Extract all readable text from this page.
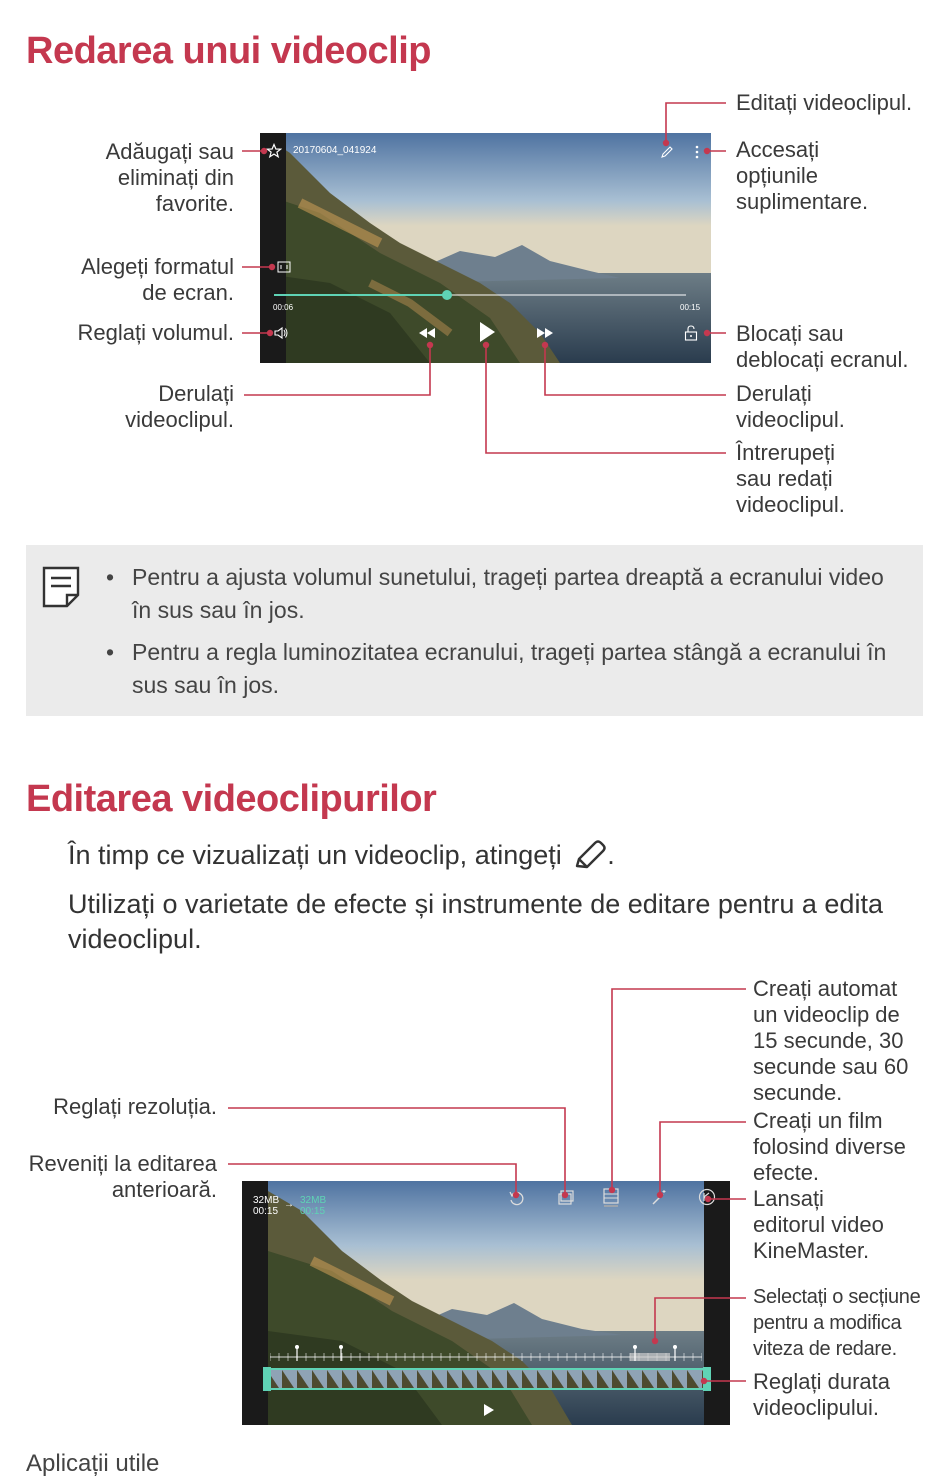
Redarea unui videoclip
20170604_041924
00:06	00:15
Editați videoclipul.
Accesați
opțiunile
suplimentare.
Adăugați sau
eliminați din
favorite.
Alegeți formatul
de ecran.
Reglați volumul.	Blocați sau
deblocați ecranul.
Derulați
videoclipul.
Derulați
videoclipul.
Întrerupeți
sau redați
videoclipul.
• Pentru a ajusta volumul sunetului, trageți partea dreaptă a ecranului video în sus sau în jos.
• Pentru a regla luminozitatea ecranului, trageți partea stângă a ecranului în sus sau în jos.
Editarea videoclipurilor
În timp ce vizualizați un videoclip, atingeți .
Utilizați o varietate de efecte și instrumente de editare pentru a edita videoclipul.
32MB
00:15
→ 32MB
00:15
Creați automat
un videoclip de
15 secunde, 30
secunde sau 60
secunde.
Reglați rezoluția.
Reveniți la editarea
anterioară.
Creați un film
folosind diverse
efecte.
Lansați
editorul video
KineMaster.
Selectați o secțiune
pentru a modifica
viteza de redare.
Reglați durata
videoclipului.
Aplicații utile
